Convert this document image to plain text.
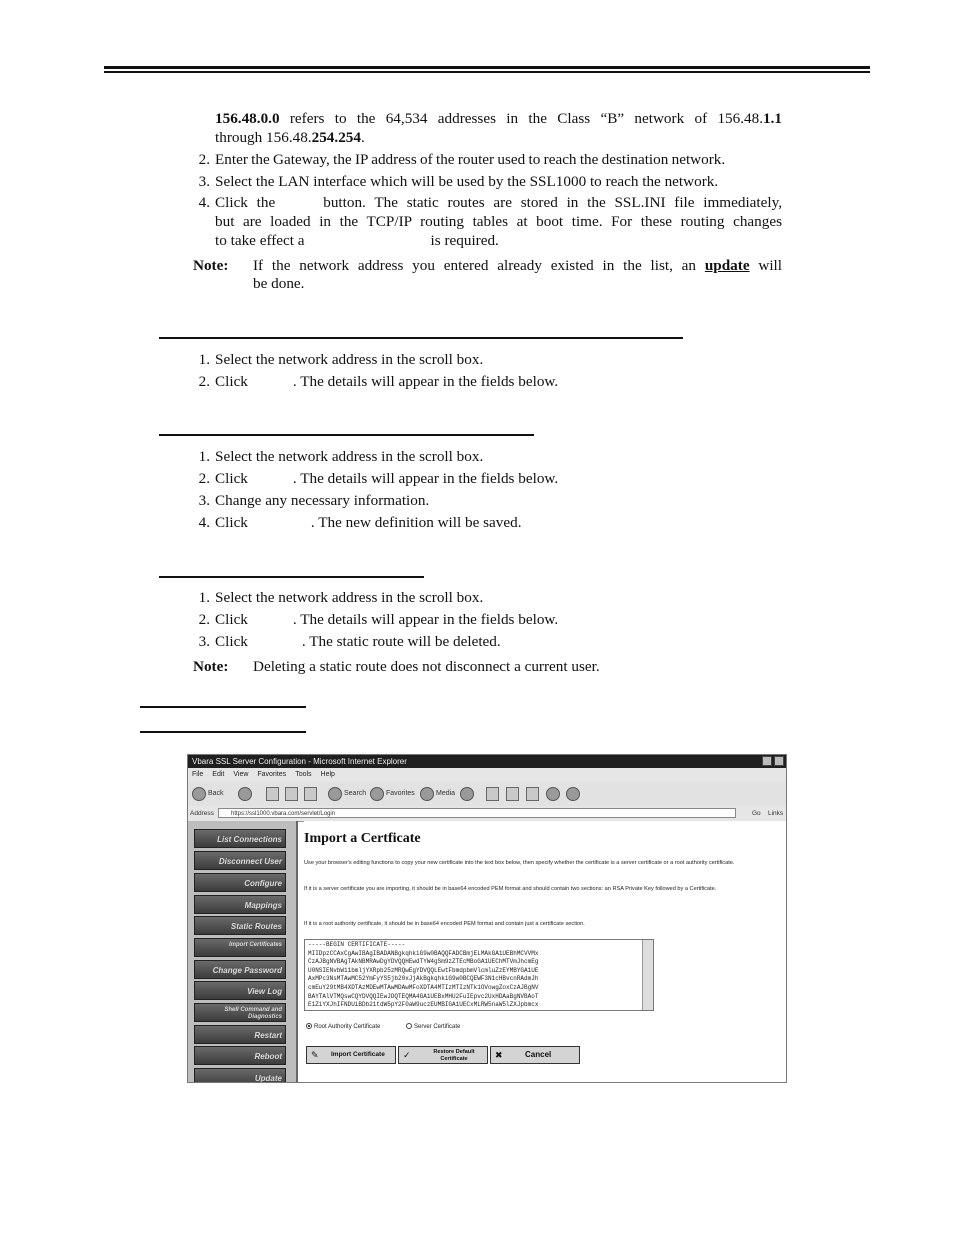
156.48.0.0 refers to the 64,534 addresses in the Class “B” network of 156.48.1.1
through 156.48.254.254.
2. Enter the Gateway, the IP address of the router used to reach the destination network.
3. Select the LAN interface which will be used by the SSL1000 to reach the network.
4. Click the	button. The static routes are stored in the SSL.INI file immediately,
but are loaded in the TCP/IP routing tables at boot time. For these routing changes
to take effect a	is required.
Note: If the network address you entered already existed in the list, an update will
be done.
1. Select the network address in the scroll box.
2. Click	. The details will appear in the fields below.
1. Select the network address in the scroll box.
2. Click	. The details will appear in the fields below.
3. Change any necessary information.
4. Click	. The new definition will be saved.
1. Select the network address in the scroll box.
2. Click	. The details will appear in the fields below.
3. Click	. The static route will be deleted.
Note: Deleting a static route does not disconnect a current user.
Vbara SSL Server Configuration - Microsoft Internet Explorer
File Edit View Favorites Tools Help
Back	Search	Favorites	Media
Address	https://ssl1000.vbara.com/servlet/Login	Go Links
List Connections
Disconnect User
Configure
Mappings
Static Routes
Import Certificates
Change Password
View Log
Shell Command and Diagnostics
Restart
Reboot
Update
Import a Certficate
Use your browser's editing functions to copy your new certificate into the text box below, then specify whether the certificate is a server certificate or a root authority certificate.
If it is a server certificate you are importing, it should be in base64 encoded PEM format and should contain two sections: an RSA Private Key followed by a Certificate.
If it is a root authority certificate, it should be in base64 encoded PEM format and contain just a certificate section.
-----BEGIN CERTIFICATE-----
MIIDpzCCAxCgAwIBAgIBADANBgkqhkiG9w0BAQQFADCBmjELMAkGA1UEBhMCVVMx
CzAJBgNVBAgTAkNBMRAwDgYDVQQHEwdTYW4gSm9zZTEcMBoGA1UEChMTVmJhcmEg
U0NSIENvbW11bmljYXRpb25zMRQwEgYDVQQLEwtFbmdpbmVlcmluZzEYMBYGA1UE
AxMPc3NsMTAwMC52YmFyYS5jb20xJjAkBgkqhkiG9w0BCQEWF3N1cHBvcnRAdmJh
cmEuY29tMB4XDTAzMDEwMTAwMDAwMFoXDTA4MTIzMTIzNTk1OVowgZoxCzAJBgNV
BAYTAlVTMQswCQYDVQQIEwJDQTEQMA4GA1UEBxMHU2FuIEpvc2UxHDAaBgNVBAoT
E1ZiYXJhIFNDUiBDb21tdW5pY2F0aW9uczEUMBIGA1UECxMLRW5naW5lZXJpbmcx
Root Authority Certificate	Server Certificate
✎	Import Certificate ✓	Restore Default Certificate	✖	Cancel
